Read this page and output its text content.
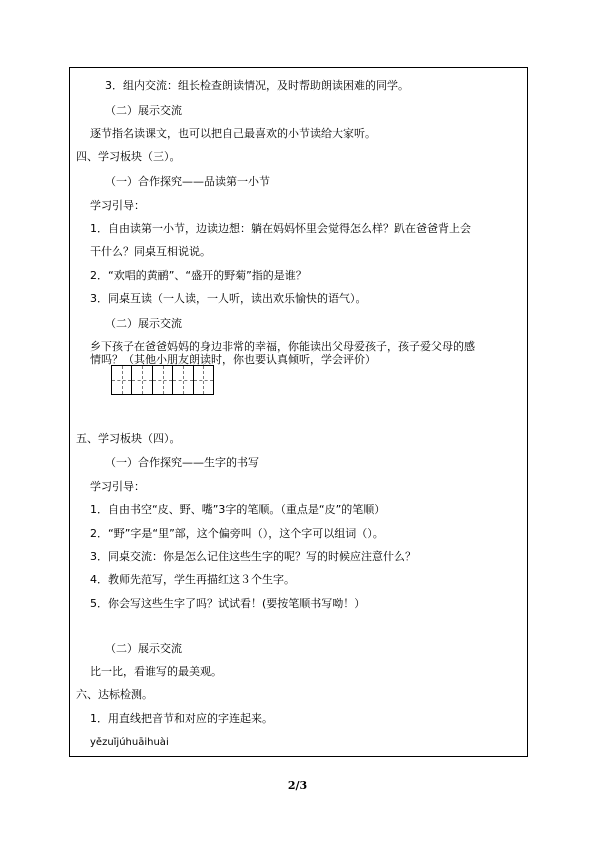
3．组内交流：组长检查朗读情况，及时帮助朗读困难的同学。
（二）展示交流
逐节指名读课文，也可以把自己最喜欢的小节读给大家听。
四、学习板块（三）。
（一）合作探究——品读第一小节
学习引导：
1．自由读第一小节，边读边想：躺在妈妈怀里会觉得怎么样？趴在爸爸背上会
干什么？同桌互相说说。
2．“欢唱的黄鹂”、“盛开的野菊”指的是谁？
3．同桌互读（一人读，一人听，读出欢乐愉快的语气）。
（二）展示交流
乡下孩子在爸爸妈妈的身边非常的幸福，你能读出父母爱孩子，孩子爱父母的感
五、学习板块（四）。
（一）合作探究——生字的书写
学习引导：
1．自由书空“皮、野、嘴”3字的笔顺。（重点是“皮”的笔顺）
2．“野”字是“里”部，这个偏旁叫（），这个字可以组词（）。
3．同桌交流：你是怎么记住这些生字的呢？写的时候应注意什么？
4．教师先范写，学生再描红这３个生字。
5．你会写这些生字了吗？试试看！(要按笔顺书写呦！）
（二）展示交流
比一比，看谁写的最美观。
六、达标检测。
1．用直线把音节和对应的字连起来。
yězuǐjúhuāihuài
情吗？（其他小朋友朗读时，你也要认真倾听，学会评价）
2/3
